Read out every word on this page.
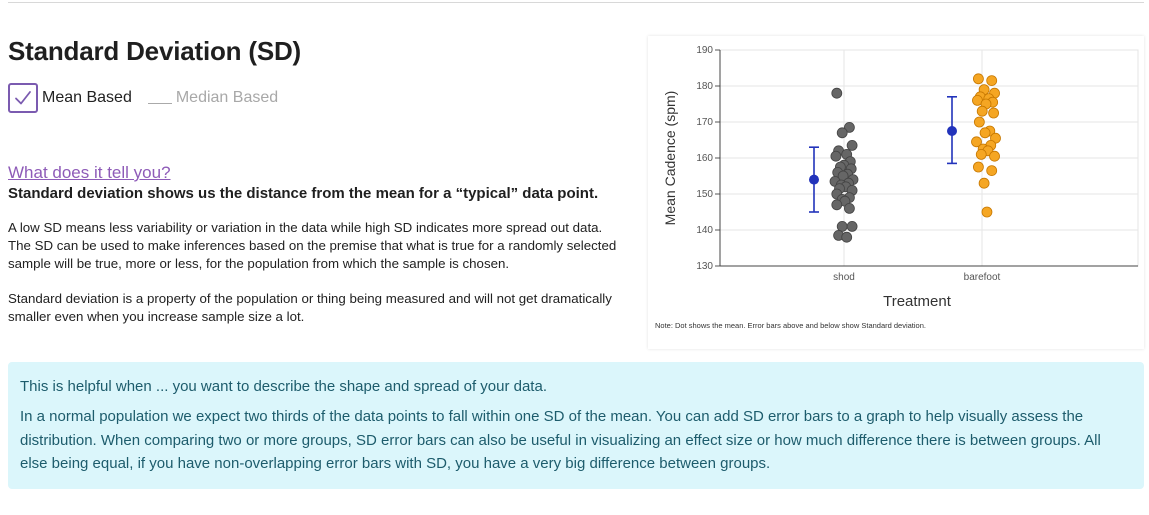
Standard Deviation (SD)
Mean Based	Median Based
What does it tell you?

Standard deviation shows us the distance from the mean for a “typical” data point.

A low SD means less variability or variation in the data while high SD indicates more spread out data. The SD can be used to make inferences based on the premise that what is true for a randomly selected sample will be true, more or less, for the population from which the sample is chosen.

Standard deviation is a property of the population or thing being measured and will not get dramatically smaller even when you increase sample size a lot.

130
140
150
160
170
180
190
shod	barefoot
Mean Cadence (spm)
Treatment
Note: Dot shows the mean. Error bars above and below show Standard deviation.

This is helpful when ... you want to describe the shape and spread of your data.

In a normal population we expect two thirds of the data points to fall within one SD of the mean. You can add SD error bars to a graph to help visually assess the distribution. When comparing two or more groups, SD error bars can also be useful in visualizing an effect size or how much difference there is between groups. All else being equal, if you have non-overlapping error bars with SD, you have a very big difference between groups.
